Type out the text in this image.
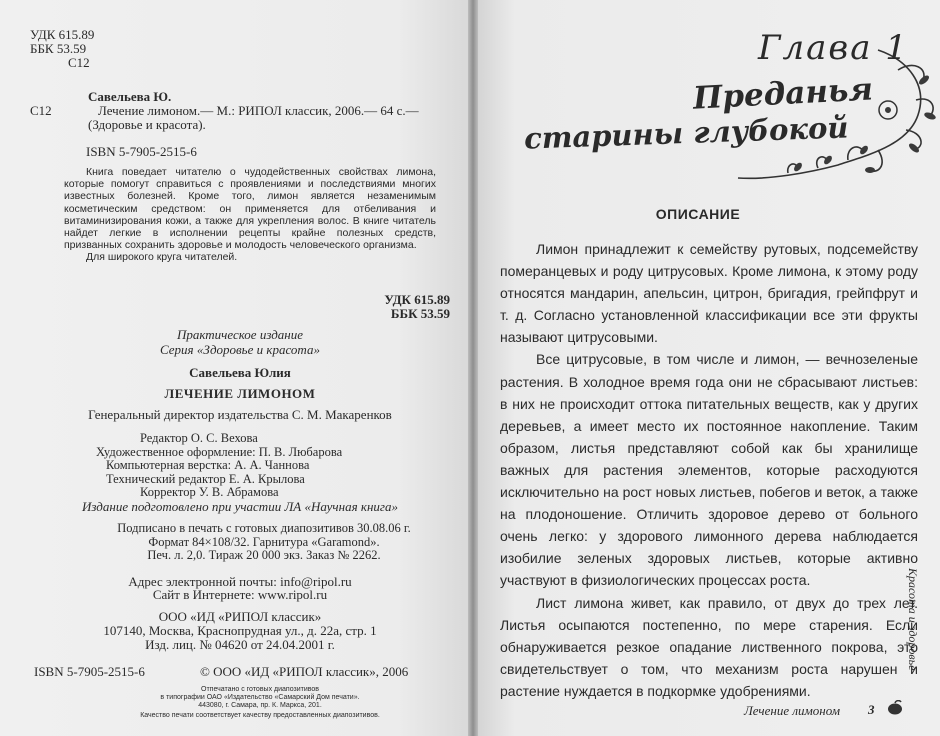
УДК 615.89
ББК 53.59
С12
С12
Савельева Ю.
Лечение лимоном.— М.: РИПОЛ классик, 2006.— 64 с.—
(Здоровье и красота).
ISBN 5-7905-2515-6

Книга поведает читателю о чудодейственных свойствах лимона, которые помогут справиться с проявлениями и последствиями многих известных болезней. Кроме того, лимон является незаменимым косметическим средством: он применяется для отбеливания и витаминизирования кожи, а также для укрепления волос. В книге читатель найдет легкие в исполнении рецепты крайне полезных средств, призванных сохранить здоровье и молодость человеческого организма.

Для широкого круга читателей.

УДК 615.89
ББК 53.59
Практическое издание
Серия «Здоровье и красота»
Савельева Юлия
ЛЕЧЕНИЕ ЛИМОНОМ
Генеральный директор издательства С. М. Макаренков
Редактор О. С. Вехова
Художественное оформление: П. В. Любарова
Компьютерная верстка: А. А. Чаннова
Технический редактор Е. А. Крылова
Корректор У. В. Абрамова
Издание подготовлено при участии ЛА «Научная книга»
Подписано в печать с готовых диапозитивов 30.08.06 г.
Формат 84×108/32. Гарнитура «Garamond».
Печ. л. 2,0. Тираж 20 000 экз. Заказ № 2262.
Адрес электронной почты: info@ripol.ru
Сайт в Интернете: www.ripol.ru
ООО «ИД «РИПОЛ классик»
107140, Москва, Краснопрудная ул., д. 22а, стр. 1
Изд. лиц. № 04620 от 24.04.2001 г.
ISBN 5-7905-2515-6	© ООО «ИД «РИПОЛ классик», 2006
Отпечатано с готовых диапозитивов
в типографии ОАО «Издательство «Самарский Дом печати».
443080, г. Самара, пр. К. Маркса, 201.
Качество печати соответствует качеству предоставленных диапозитивов.
Глава 1
Преданья
старины глубокой
ОПИСАНИЕ

Лимон принадлежит к семейству рутовых, подсемейству померанцевых и роду цитрусовых. Кроме лимона, к этому роду относятся мандарин, апельсин, цитрон, бригадия, грейпфрут и т. д. Согласно установленной классификации все эти фрукты называют цитрусовыми.

Все цитрусовые, в том числе и лимон, — вечнозеленые растения. В холодное время года они не сбрасывают листьев: в них не происходит оттока питательных веществ, как у других деревьев, а имеет место их постоянное накопление. Таким образом, листья представляют собой как бы хранилище важных для растения элементов, которые расходуются исключительно на рост новых листьев, побегов и веток, а также на плодоношение. Отличить здоровое дерево от больного очень легко: у здорового лимонного дерева наблюдается изобилие зеленых здоровых листьев, которые активно участвуют в физиологических процессах роста.

Лист лимона живет, как правило, от двух до трех лет. Листья осыпаются постепенно, по мере старения. Если обнаруживается резкое опадание лиственного покрова, это свидетельствует о том, что механизм роста нарушен и растение нуждается в подкормке удобрениями.

Красота и здоровье
Лечение лимоном 3
